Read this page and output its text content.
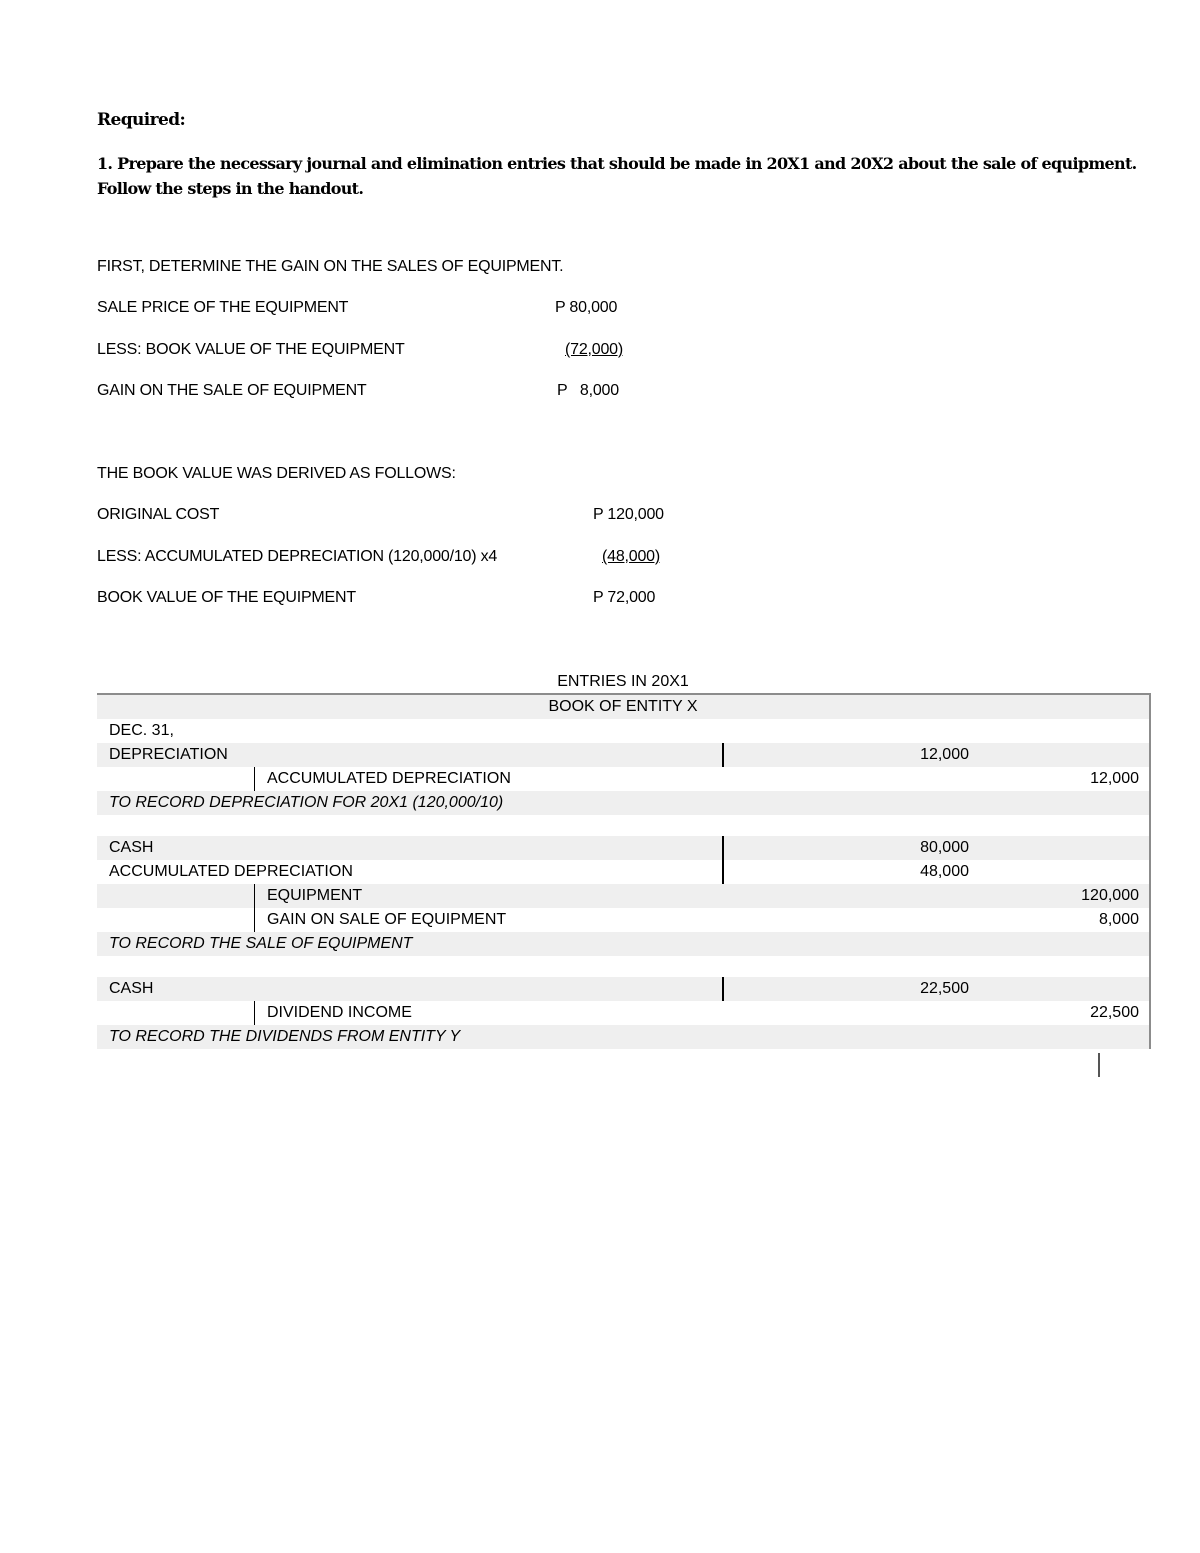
Required:
1. Prepare the necessary journal and elimination entries that should be made in 20X1 and 20X2 about the sale of equipment. Follow the steps in the handout.
FIRST, DETERMINE THE GAIN ON THE SALES OF EQUIPMENT.
SALE PRICE OF THE EQUIPMENT	P 80,000
LESS: BOOK VALUE OF THE EQUIPMENT	(72,000)
GAIN ON THE SALE OF EQUIPMENT	P   8,000
THE BOOK VALUE WAS DERIVED AS FOLLOWS:
ORIGINAL COST	P 120,000
LESS: ACCUMULATED DEPRECIATION (120,000/10) x4	(48,000)
BOOK VALUE OF THE EQUIPMENT	P 72,000
ENTRIES IN 20X1
BOOK OF ENTITY X
DEC. 31,
DEPRECIATION	12,000
ACCUMULATED DEPRECIATION	12,000
TO RECORD DEPRECIATION FOR 20X1 (120,000/10)
CASH	80,000
ACCUMULATED DEPRECIATION	48,000
EQUIPMENT	120,000
GAIN ON SALE OF EQUIPMENT	8,000
TO RECORD THE SALE OF EQUIPMENT
CASH	22,500
DIVIDEND INCOME	22,500
TO RECORD THE DIVIDENDS FROM ENTITY Y
